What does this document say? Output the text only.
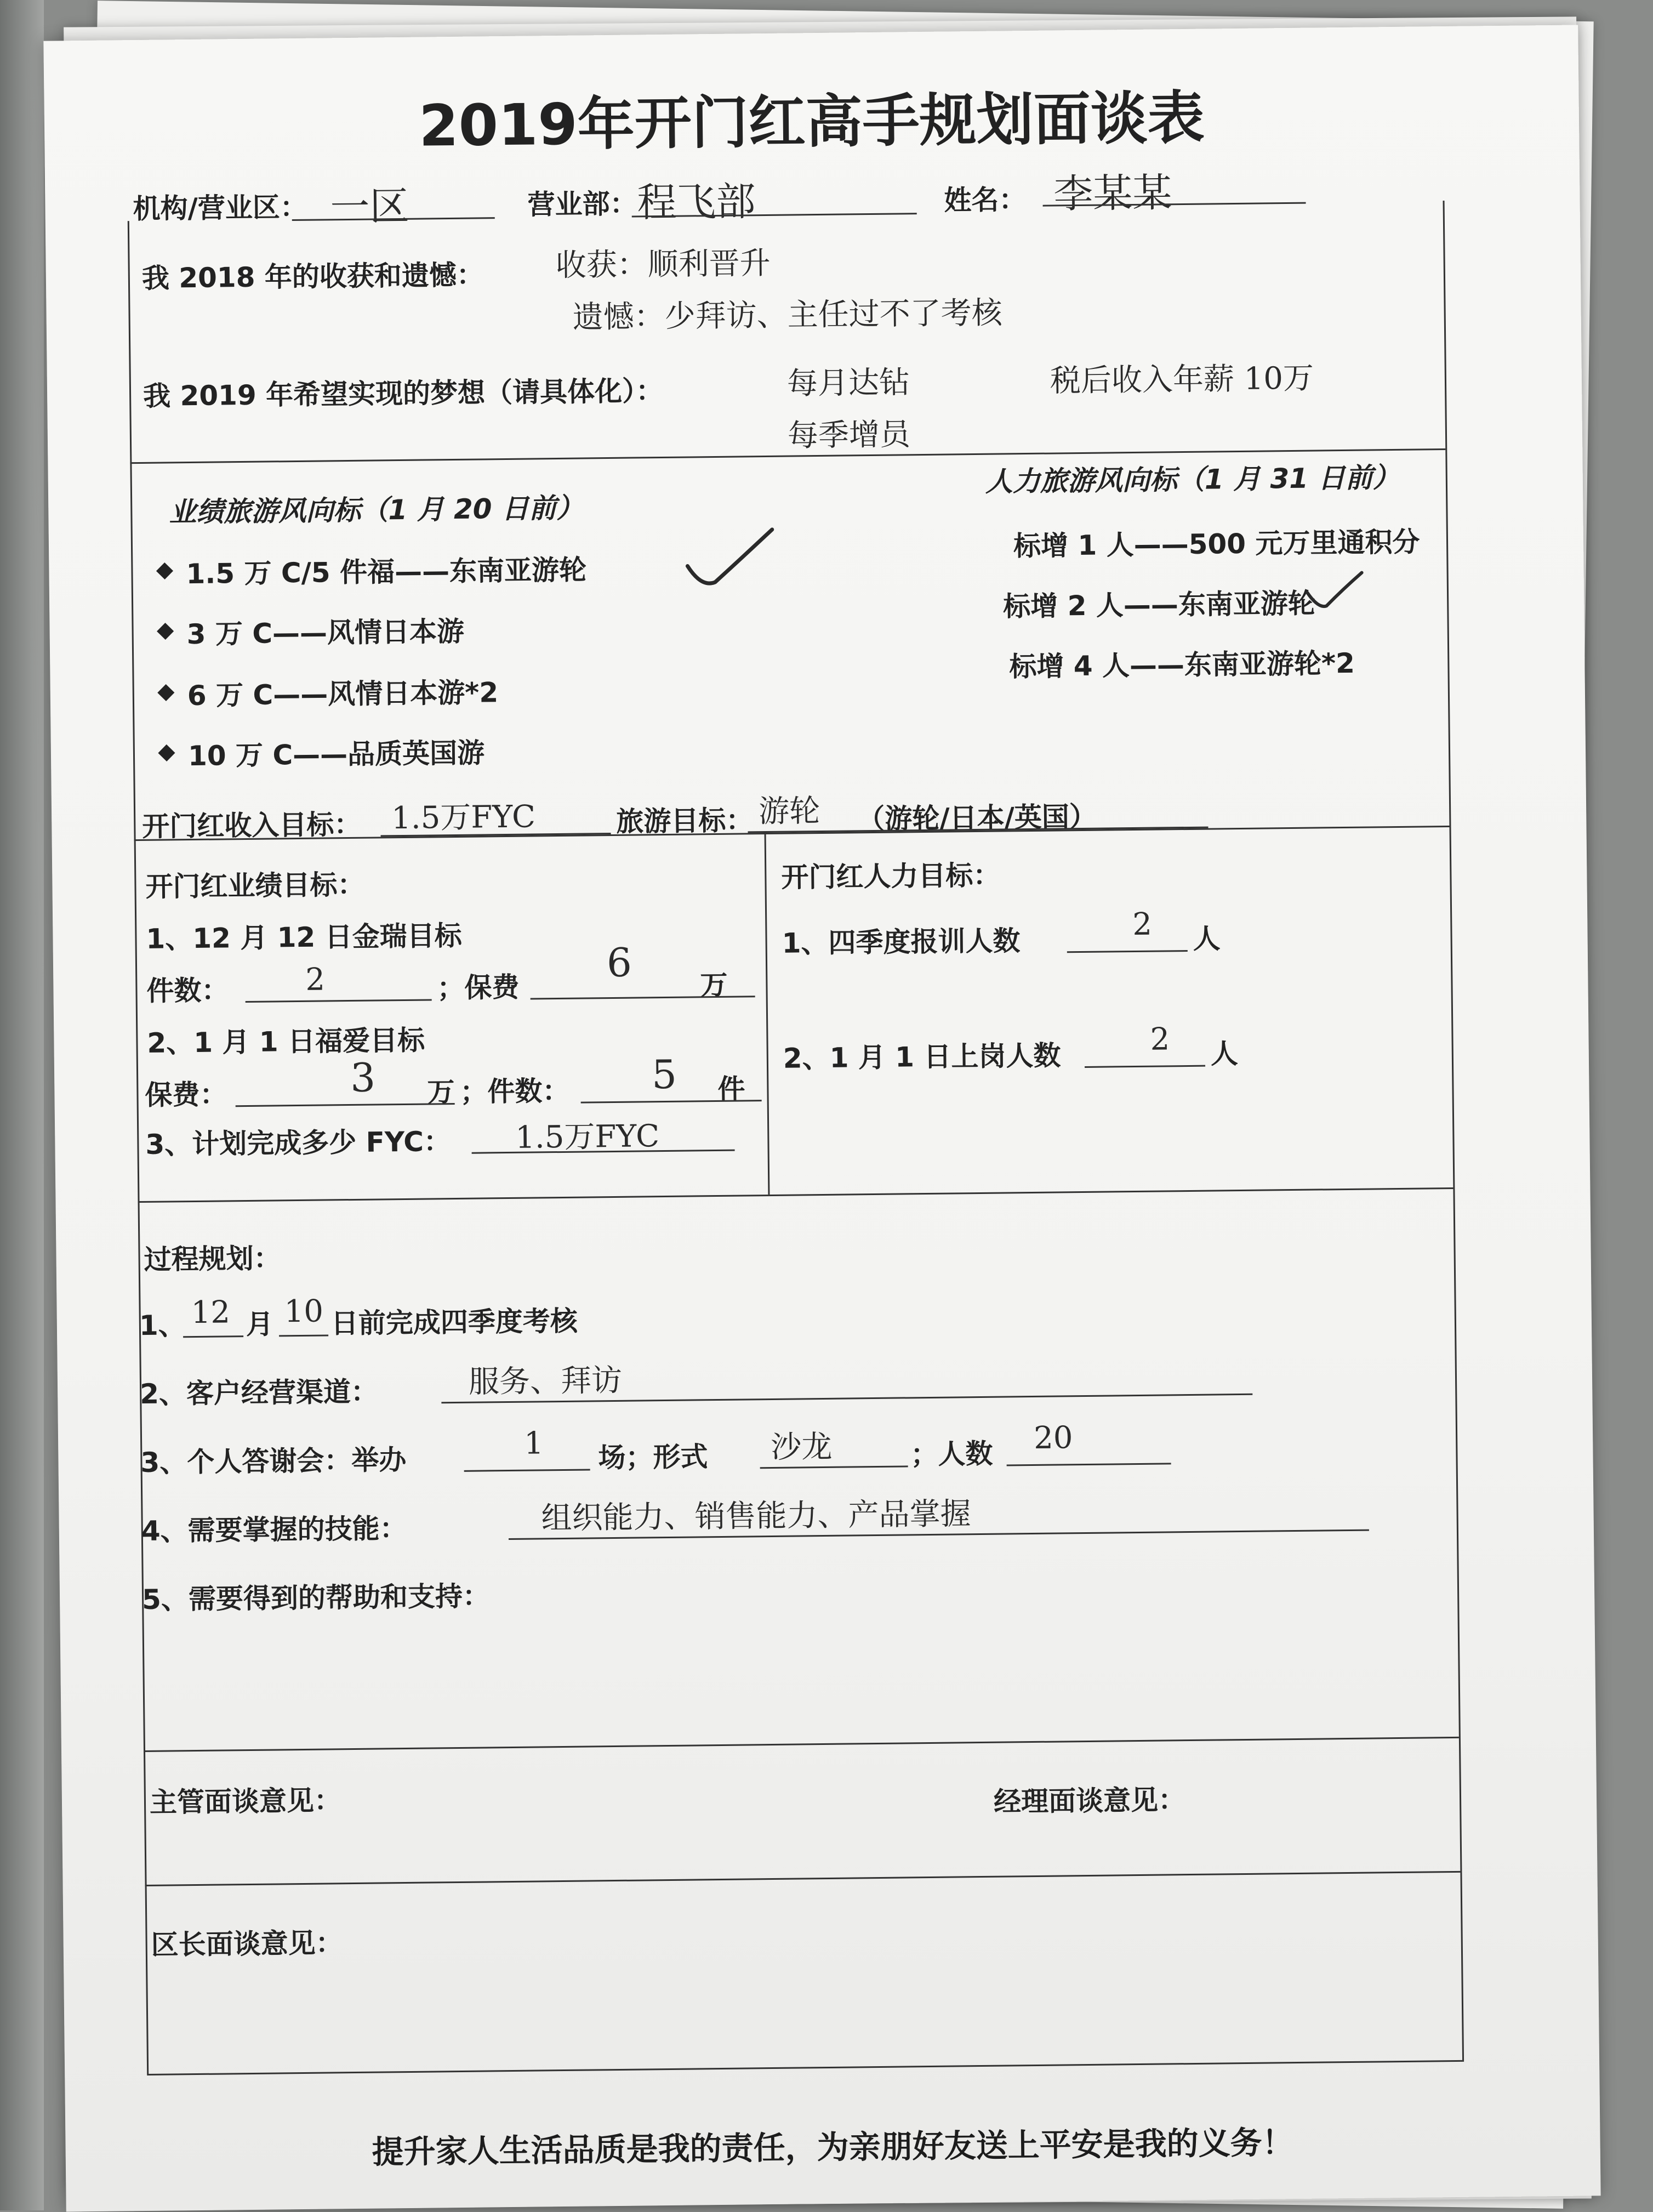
2019年开门红高手规划面谈表
机构/营业区： 一区	营业部： 程飞部	姓名： 李某某
我 2018 年的收获和遗憾： 收获：顺利晋升
遗憾：少拜访、主任过不了考核
我 2019 年希望实现的梦想（请具体化）：	每月达钻
每季增员
税后收入年薪 10万
业绩旅游风向标（1 月 20 日前）
人力旅游风向标（1 月 31 日前）
1.5 万 C/5 件福——东南亚游轮
3 万 C——风情日本游
6 万 C——风情日本游*2
10 万 C——品质英国游
标增 1 人——500 元万里通积分
标增 2 人——东南亚游轮
标增 4 人——东南亚游轮*2
开门红收入目标： 1.5万FYC	旅游目标： 游轮 （游轮/日本/英国）
开门红业绩目标：
1、12 月 12 日金瑞目标
件数： 2	；保费
6 万
2、1 月 1 日福爱目标
保费：	3 万 ；件数： 5 件
3、计划完成多少 FYC： 1.5万FYC
开门红人力目标：
1、四季度报训人数	2 人
2、1 月 1 日上岗人数	2 人
过程规划：
1、 12 月 10 日前完成四季度考核
2、客户经营渠道：	服务、拜访
3、个人答谢会：举办	1 场；形式 沙龙	；人数 20
4、需要掌握的技能：	组织能力、销售能力、产品掌握
5、需要得到的帮助和支持：
主管面谈意见：	经理面谈意见：
区长面谈意见：
提升家人生活品质是我的责任，为亲朋好友送上平安是我的义务！
